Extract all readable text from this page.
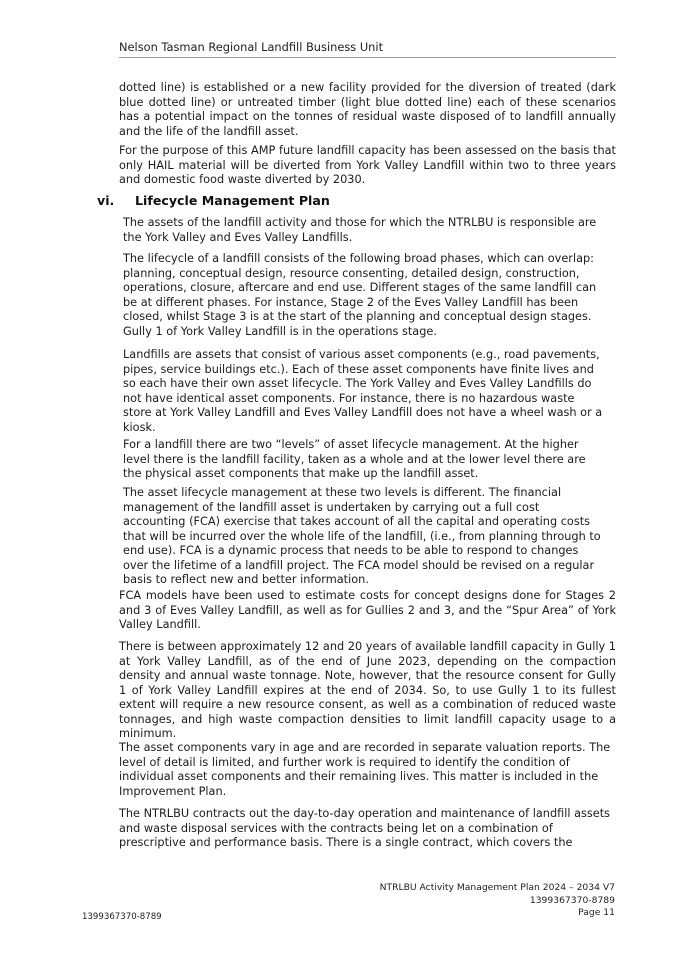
Nelson Tasman Regional Landfill Business Unit

dotted line) is established or a new facility provided for the diversion of treated (dark blue dotted line) or untreated timber (light blue dotted line) each of these scenarios has a potential impact on the tonnes of residual waste disposed of to landfill annually and the life of the landfill asset.

For the purpose of this AMP future landfill capacity has been assessed on the basis that only HAIL material will be diverted from York Valley Landfill within two to three years and domestic food waste diverted by 2030.

vi. Lifecycle Management Plan

The assets of the landfill activity and those for which the NTRLBU is responsible are the York Valley and Eves Valley Landfills.

The lifecycle of a landfill consists of the following broad phases, which can overlap: planning, conceptual design, resource consenting, detailed design, construction, operations, closure, aftercare and end use. Different stages of the same landfill can be at different phases. For instance, Stage 2 of the Eves Valley Landfill has been closed, whilst Stage 3 is at the start of the planning and conceptual design stages. Gully 1 of York Valley Landfill is in the operations stage.

Landfills are assets that consist of various asset components (e.g., road pavements, pipes, service buildings etc.). Each of these asset components have finite lives and so each have their own asset lifecycle. The York Valley and Eves Valley Landfills do not have identical asset components. For instance, there is no hazardous waste store at York Valley Landfill and Eves Valley Landfill does not have a wheel wash or a kiosk.

For a landfill there are two “levels” of asset lifecycle management. At the higher level there is the landfill facility, taken as a whole and at the lower level there are the physical asset components that make up the landfill asset.

The asset lifecycle management at these two levels is different. The financial management of the landfill asset is undertaken by carrying out a full cost accounting (FCA) exercise that takes account of all the capital and operating costs that will be incurred over the whole life of the landfill, (i.e., from planning through to end use). FCA is a dynamic process that needs to be able to respond to changes over the lifetime of a landfill project. The FCA model should be revised on a regular basis to reflect new and better information.

FCA models have been used to estimate costs for concept designs done for Stages 2 and 3 of Eves Valley Landfill, as well as for Gullies 2 and 3, and the “Spur Area” of York Valley Landfill.

There is between approximately 12 and 20 years of available landfill capacity in Gully 1 at York Valley Landfill, as of the end of June 2023, depending on the compaction density and annual waste tonnage. Note, however, that the resource consent for Gully 1 of York Valley Landfill expires at the end of 2034. So, to use Gully 1 to its fullest extent will require a new resource consent, as well as a combination of reduced waste tonnages, and high waste compaction densities to limit landfill capacity usage to a minimum.

The asset components vary in age and are recorded in separate valuation reports. The level of detail is limited, and further work is required to identify the condition of individual asset components and their remaining lives. This matter is included in the Improvement Plan.

The NTRLBU contracts out the day-to-day operation and maintenance of landfill assets and waste disposal services with the contracts being let on a combination of prescriptive and performance basis. There is a single contract, which covers the

NTRLBU Activity Management Plan 2024 – 2034 V7
1399367370-8789
Page 11
1399367370-8789
